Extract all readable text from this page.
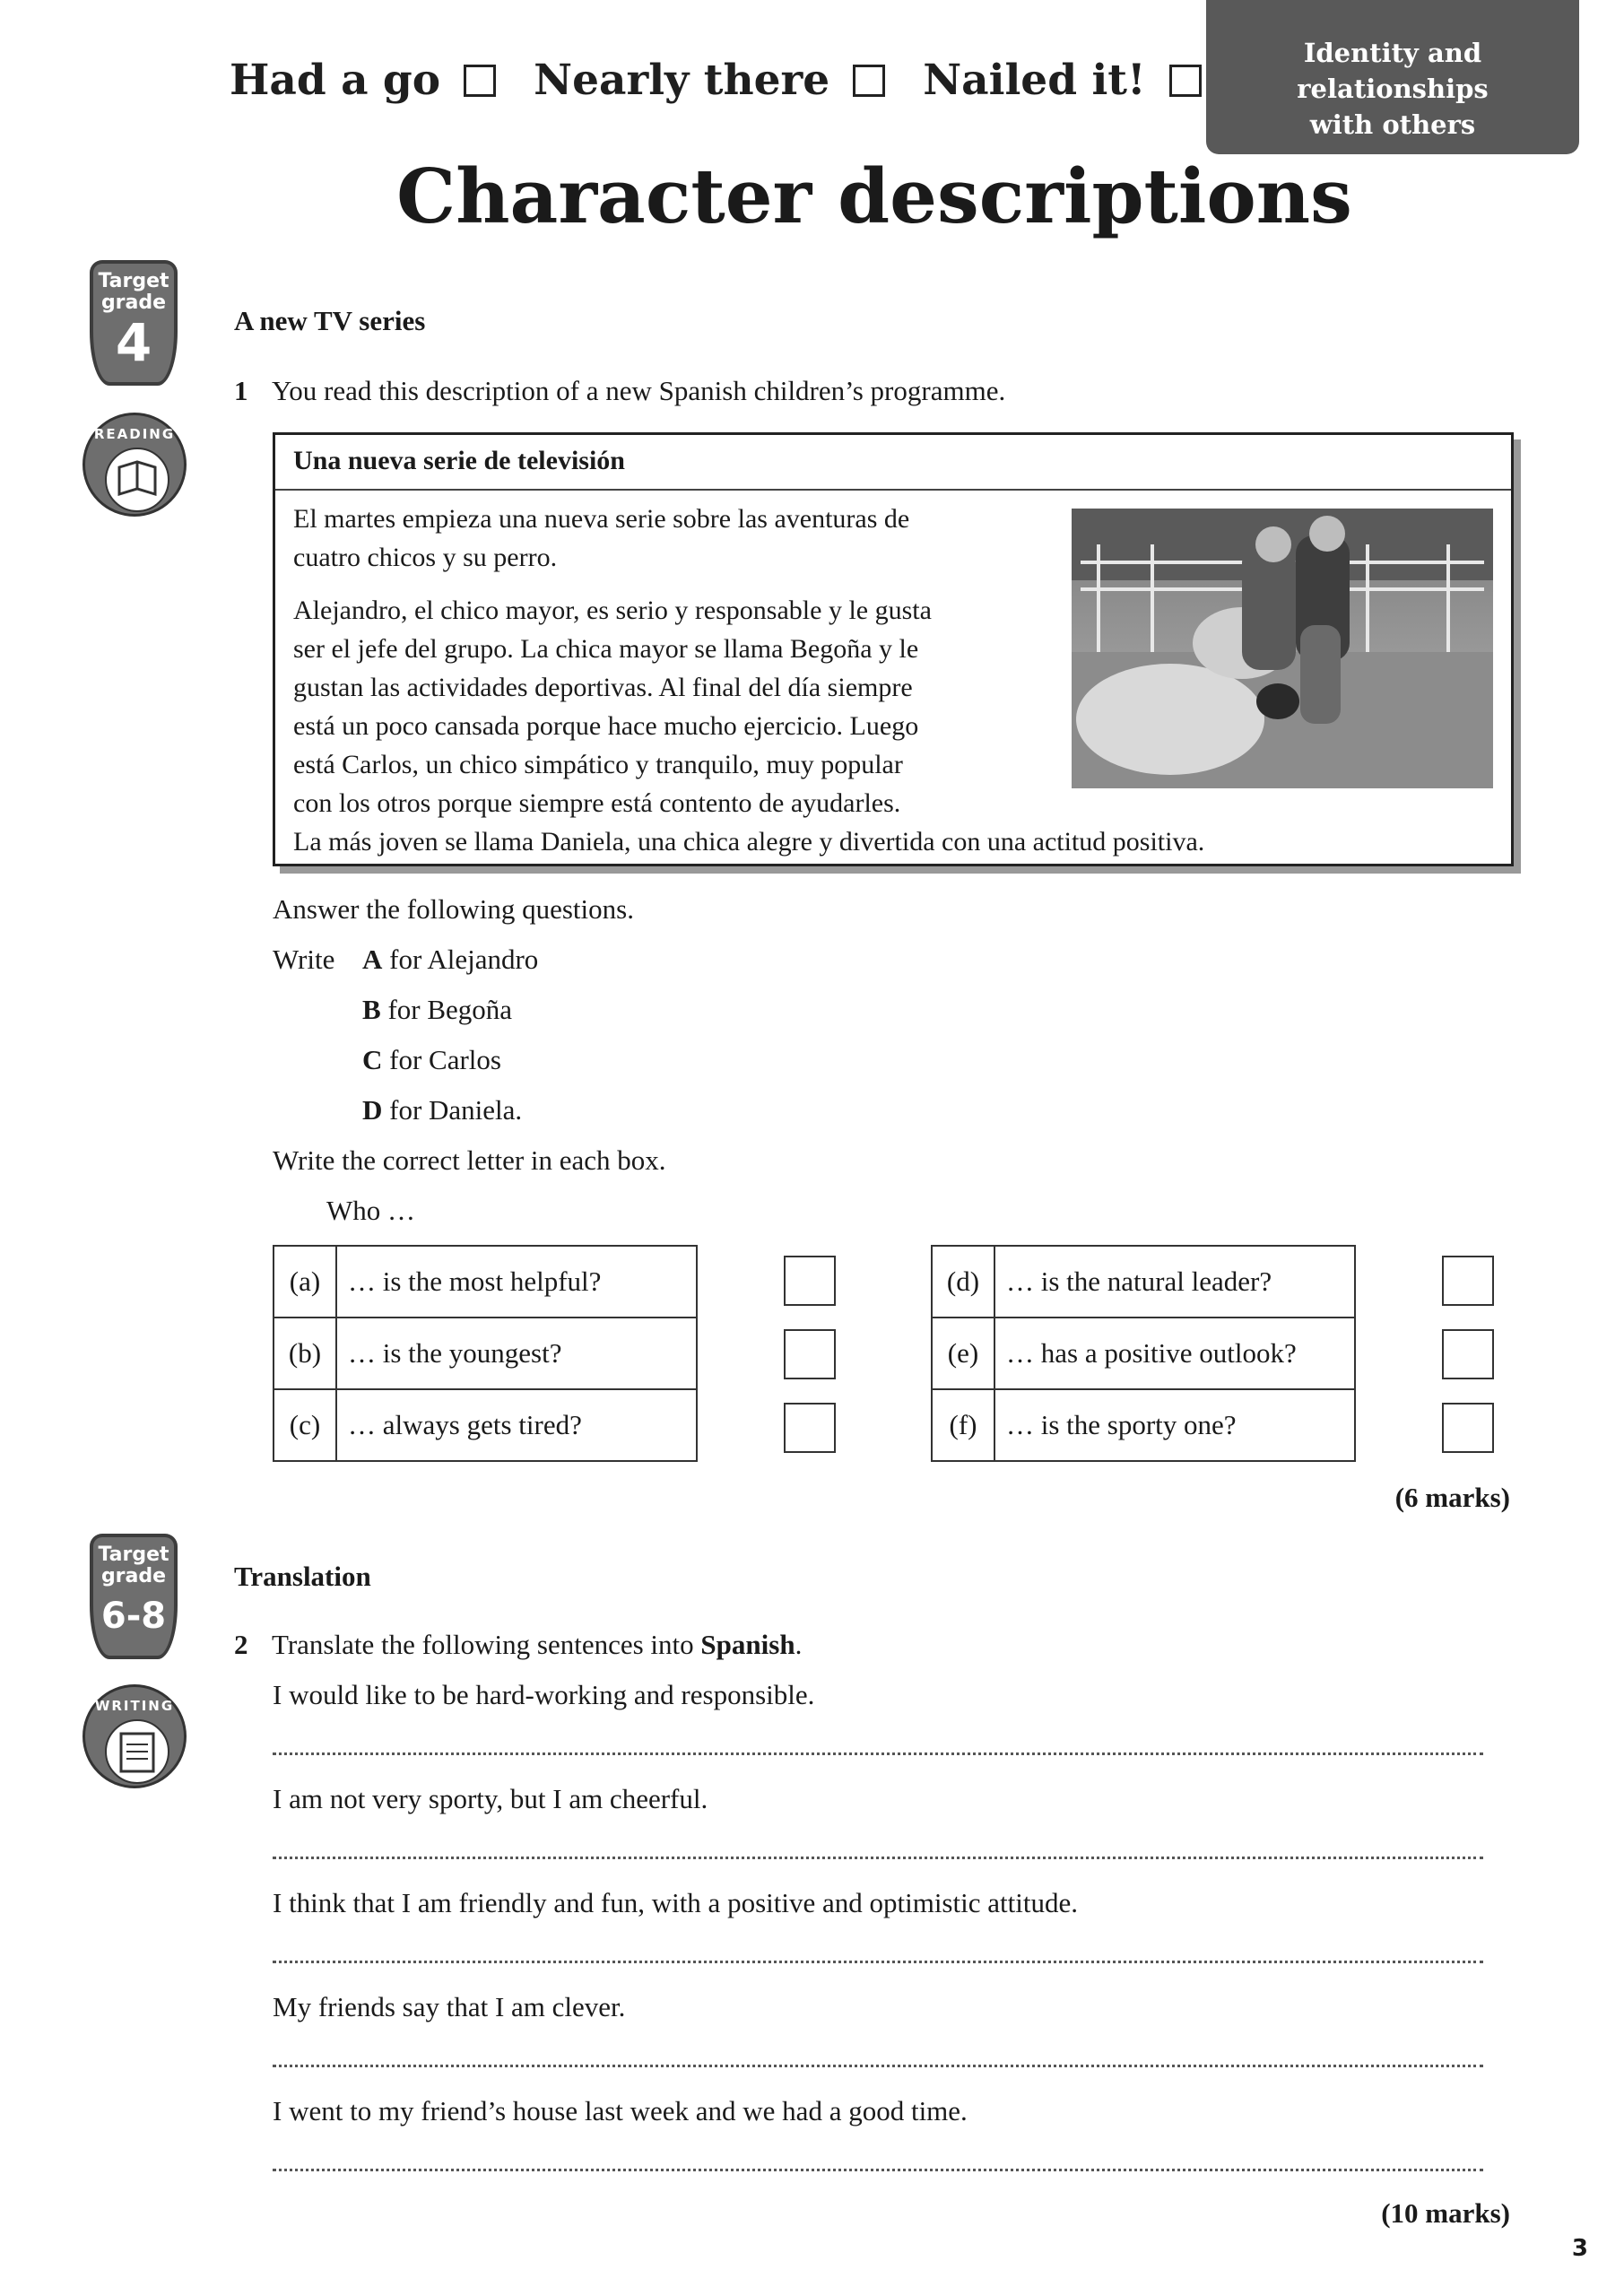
Had a go Nearly there Nailed it!
Identity and relationships
with others
Character descriptions
Target grade
4
READING
A new TV series
1 You read this description of a new Spanish children’s programme.
Una nueva serie de televisión
El martes empieza una nueva serie sobre las aventuras de
cuatro chicos y su perro.
Alejandro, el chico mayor, es serio y responsable y le gusta
ser el jefe del grupo. La chica mayor se llama Begoña y le
gustan las actividades deportivas. Al final del día siempre
está un poco cansada porque hace mucho ejercicio. Luego
está Carlos, un chico simpático y tranquilo, muy popular
con los otros porque siempre está contento de ayudarles.
La más joven se llama Daniela, una chica alegre y divertida con una actitud positiva.
Answer the following questions.
Write A for Alejandro
B for Begoña
C for Carlos
D for Daniela.
Write the correct letter in each box.
Who …
(a)	… is the most helpful?
(b)	… is the youngest?
(c)	… always gets tired?
(d)	… is the natural leader?
(e)	… has a positive outlook?
(f)	… is the sporty one?
(6 marks)
Target grade
6-8
WRITING
Translation
2 Translate the following sentences into Spanish.
I would like to be hard-working and responsible.
I am not very sporty, but I am cheerful.
I think that I am friendly and fun, with a positive and optimistic attitude.
My friends say that I am clever.
I went to my friend’s house last week and we had a good time.
(10 marks)
3
